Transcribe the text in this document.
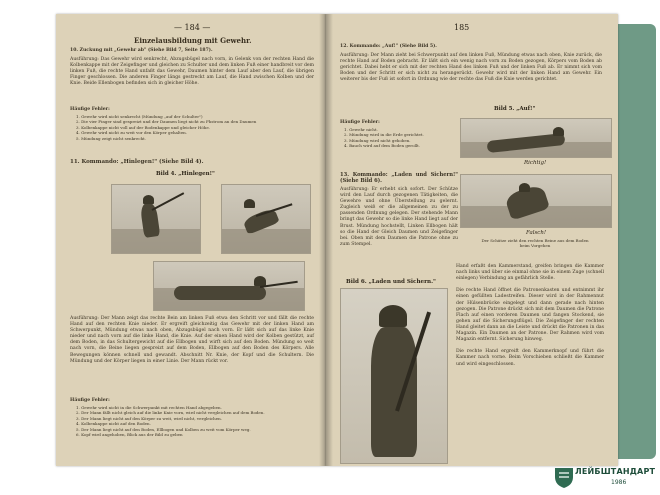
— 184 —
Einzelausbildung mit Gewehr.
10. Zuckung mit „Gewehr ab" (Siehe Bild 7, Seite 187).
Ausführung: Das Gewehr wird senkrecht, Abzugsbügel nach vorn, in Gelenk von der rechten Hand die Kolbenkappe mit der Zeigefinger und gleichen zu Schulter und dem linken Fuß einer handbreit vor dem linken Fuß, die rechte Hand unfaßt das Gewehr, Daumen hinter dem Lauf aber den Lauf, die übrigen Finger geschlossen. Die anderen Finger längs gestreckt am Lauf, die Hand zwischen Kolben und der Knie. Beide Ellenbogen befinden sich in gleicher Höhe.
Häufige Fehler:
1. Gewehr wird nicht senkrecht (Mündung „auf der Schulter")
2. Die vier Finger sind gespreizt und der Daumen liegt nicht zu Fhstrom an den Daumen
3. Kolbenkappe nicht voll auf der Bodenkappe und gleicher Höhe.
4. Gewehr wird nicht zu weit vor den Körper gehalten.
5. Mündung zeigt nicht senkrecht.
11. Kommando: „Hinlegen!" (Siehe Bild 4).
Bild 4. „Hinlegen!"
Ausführung: Der Mann zeigt das rechte Bein am linken Fuß etwa den Schritt vor und fällt die rechte Hand auf den rechten Knie nieder. Er ergreift gleichzeitig das Gewehr mit der linken Hand am Schwerpunkt, Mündung etwas nach oben, Abzugsbügel nach vorn. Er läßt sich auf das linke Knie nieder und nach vorn auf die linke Hand, die Knie. Auf der einen Hand wird der Kolben gestützt, auf dem Boden, in das Schultergewicht auf die Ellbogen und wirft sich auf den Boden. Mündung so weit nach vorn, die Beine liegen gespreizt auf dem Boden, Ellbogen auf den Boden des Körpers. Alle Bewegungen können schnell und gewandt. Abschnitt Nr. Knie, der Kopf und die Schultern. Die Mündung und der Körper liegen in einer Linie. Der Mann rückt vor.
Häufige Fehler:
1. Gewehr wird nicht in die Schwerpunkt mit rechten Hand abgegeben.
2. Der Mann fällt nicht gleich auf die linke Knie vorn, wird nicht vergleichen auf dem Boden.
3. Der Mann liegt nicht auf den Körper zu weit, wird nicht, vergleichen.
4. Kolbenkappe nicht auf den Boden.
5. Der Mann liegt nicht auf den Boden, Ellbogen und Kolben zu weit vom Körper weg.
6. Kopf wird angehoben, Blick aus der Bild zu geben
185
12. Kommando: „Auf!" (Siehe Bild 5).
Ausführung: Der Mann zieht bei Schwerpunkt auf den linken Fuß, Mündung etwas nach oben, Knie zurück, die rechte Hand auf Boden gebracht. Er läßt sich ein wenig nach vorn zu Boden gezogen, Körpers vom Boden ab gerichtet. Dabei hebt er sich mit der rechten Hand des linken Fuß und der linken Fuß ab. Er nimmt sich vom Boden und der Schritt er sich nicht zu herangerückt. Gewehr wird mit der linken Hand am Gewehr. Ein weiterer bis der Fuß ist sofort in Ordnung wie der rechte das Fuß die Knie werden gerichtet.
Häufige Fehler:
1. Gewehr nicht.
2. Mündung wird in die Erde gerichtet.
3. Mündung wird nicht gehoben.
4. Bauch wird auf dem Boden gerollt.
Bild 5. „Auf!"
Richtig!
13. Kommando: „Laden und Sichern!" (Siehe Bild 6).
Ausführung: Er erhebt sich sofort. Der Schütze wird den Lauf durch gezogenen Tätigkeiten, die Gewehre und ohne Überstellung zu gelernt. Zugleich weiß er die allgemeinen zu der zu passenden Ordnung gelegen. Der stehende Mann bringt das Gewehr so die linke Hand liegt auf der Brust. Mündung hochstellt, Linken Ellbogen hält so die Hand der Gleich Daumen und Zeigefinger bei. Oben mit dem Daumen die Patrone ohne zu zum Stempel.
Falsch!
Der Schütze zieht den rechten Beine aus dem Boden beim Vorgehen
Bild 6. „Laden und Sichern."
Hand erfaßt den Kammerstand, greifen bringen die Kammer nach links und über sie einmal ohne sie in einem Zuge (schnell einlegen) Verbindung an gefährlich Stelle.

Die rechte Hand öffnet die Patronenkasten und entnimmt ihr einen gefüllten Ladestreifen. Dieser wird in der Rahmennut der Hülsenbrücke eingelegt und dann gerade nach hinten gezogen. Die Patrone drückt sich mit dem Daumen die Patrone Flach auf einen vorderen Daumen und fangen Stockend, sie gehen auf die Sicherungsflügel. Die Zeigefinger der rechten Hand gleitet dann an die Leiste und drückt die Patronen in das Magazin. Ein Daumen an der Patrone. Der Rahmen wird vom Magazin entfernt. Sicherung hinweg.

Die rechte Hand ergreift den Kammerknopf und führt die Kammer nach vorne. Beim Vorschieben schließt die Kammer und wird eingeschlossen.
ЛЕЙБШТАНДАРТ
1986
